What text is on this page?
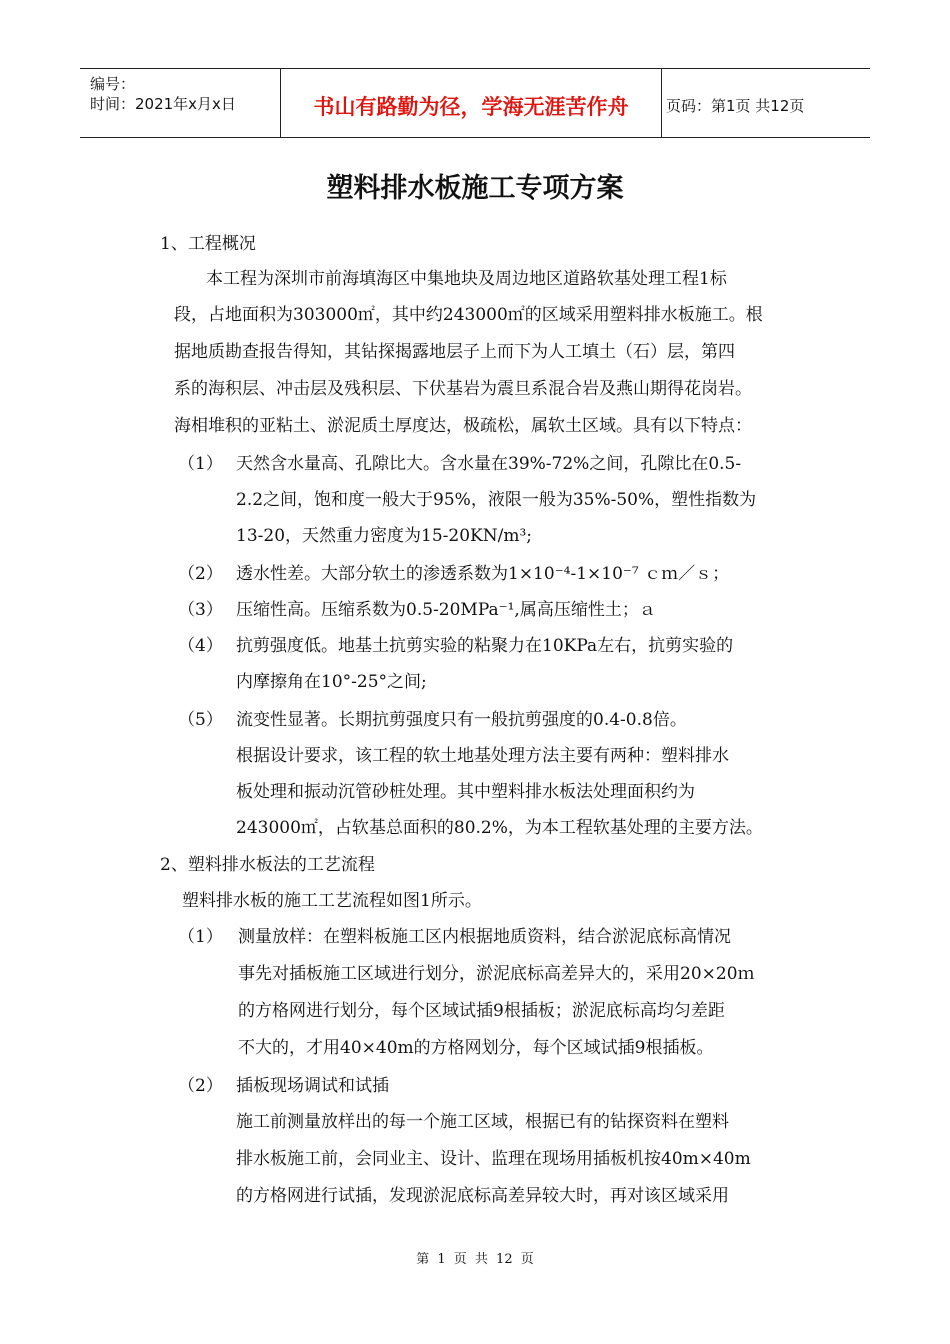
编号：
时间：2021年x月x日	书山有路勤为径，学海无涯苦作舟	页码：第1页 共12页
塑料排水板施工专项方案
1、工程概况
本工程为深圳市前海填海区中集地块及周边地区道路软基处理工程1标
段，占地面积为303000㎡，其中约243000㎡的区域采用塑料排水板施工。根
据地质勘查报告得知，其钻探揭露地层子上而下为人工填土（石）层，第四
系的海积层、冲击层及残积层、下伏基岩为震旦系混合岩及燕山期得花岗岩。
海相堆积的亚粘土、淤泥质土厚度达，极疏松，属软土区域。具有以下特点：
（1） 天然含水量高、孔隙比大。含水量在39%-72%之间，孔隙比在0.5-
2.2之间，饱和度一般大于95%，液限一般为35%-50%，塑性指数为
13-20，天然重力密度为15-20KN/m³;
（2） 透水性差。大部分软土的渗透系数为1×10⁻⁴-1×10⁻⁷ ｃｍ／ｓ；
（3） 压缩性高。压缩系数为0.5-20MPa⁻¹,属高压缩性土；ａ
（4） 抗剪强度低。地基土抗剪实验的粘聚力在10KPa左右，抗剪实验的
内摩擦角在10°-25°之间;
（5） 流变性显著。长期抗剪强度只有一般抗剪强度的0.4-0.8倍。
根据设计要求，该工程的软土地基处理方法主要有两种：塑料排水
板处理和振动沉管砂桩处理。其中塑料排水板法处理面积约为
243000㎡，占软基总面积的80.2%，为本工程软基处理的主要方法。
2、塑料排水板法的工艺流程
塑料排水板的施工工艺流程如图1所示。
（1） 测量放样：在塑料板施工区内根据地质资料，结合淤泥底标高情况
事先对插板施工区域进行划分，淤泥底标高差异大的，采用20×20ｍ
的方格网进行划分，每个区域试插9根插板；淤泥底标高均匀差距
不大的，才用40×40m的方格网划分，每个区域试插9根插板。
（2） 插板现场调试和试插
施工前测量放样出的每一个施工区域，根据已有的钻探资料在塑料
排水板施工前，会同业主、设计、监理在现场用插板机按40m×40m
的方格网进行试插，发现淤泥底标高差异较大时，再对该区域采用
第 1 页 共 12 页
